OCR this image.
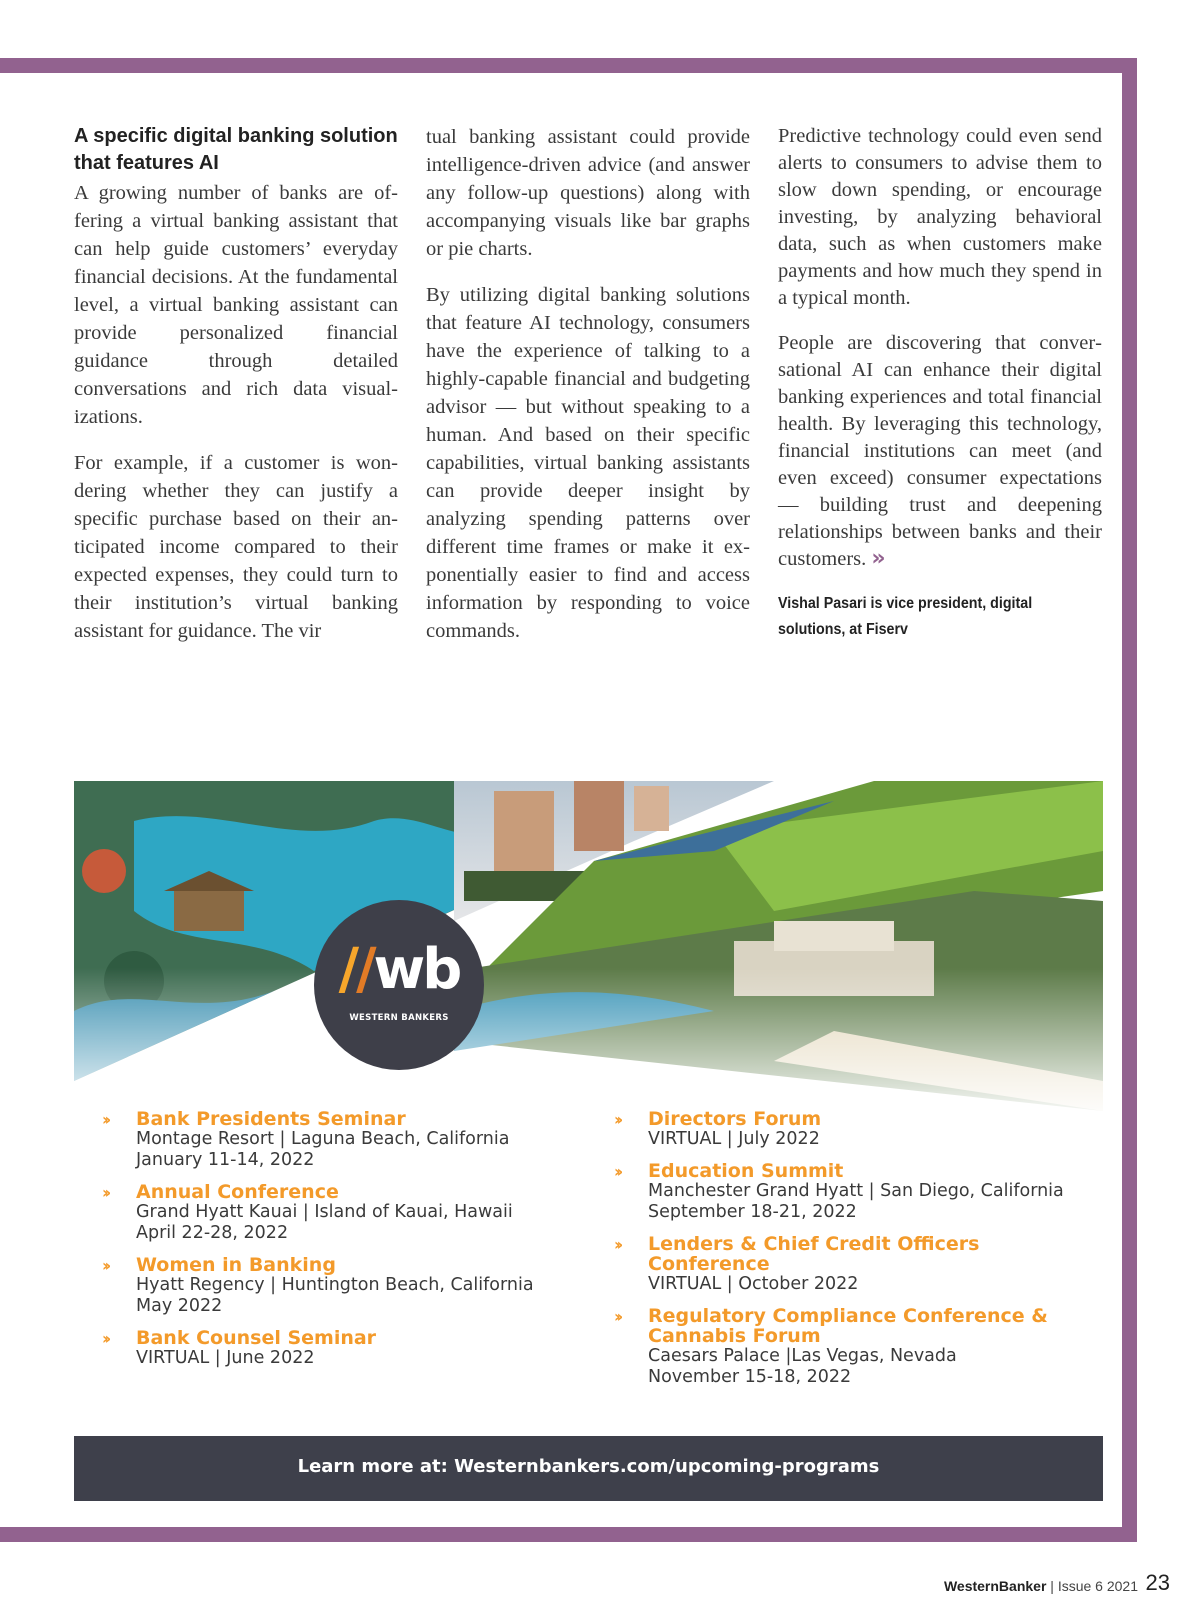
A specific digital banking solution that features AI

A growing number of banks are offering a virtual banking assistant that can help guide customers’ everyday financial decisions. At the fundamental level, a virtual banking assistant can provide personalized financial guidance through detailed conversations and rich data visualizations.

For example, if a customer is wondering whether they can justify a specific purchase based on their anticipated income compared to their expected expenses, they could turn to their institution’s virtual banking assistant for guidance. The vir

tual banking assistant could provide intelligence-driven advice (and answer any follow-up questions) along with accompanying visuals like bar graphs or pie charts.

By utilizing digital banking solutions that feature AI technology, consumers have the experience of talking to a highly-capable financial and budgeting advisor — but without speaking to a human. And based on their specific capabilities, virtual banking assistants can provide deeper insight by analyzing spending patterns over different time frames or make it exponentially easier to find and access information by responding to voice commands.

Predictive technology could even send alerts to consumers to advise them to slow down spending, or encourage investing, by analyzing behavioral data, such as when customers make payments and how much they spend in a typical month.

People are discovering that conversational AI can enhance their digital banking experiences and total financial health. By leveraging this technology, financial institutions can meet (and even exceed) consumer expectations — building trust and deepening relationships between banks and their customers. »

Vishal Pasari is vice president, digital solutions, at Fiserv
//wb
WESTERN BANKERS
›› Bank Presidents Seminar
Montage Resort | Laguna Beach, California
January 11-14, 2022
›› Annual Conference
Grand Hyatt Kauai | Island of Kauai, Hawaii
April 22-28, 2022
›› Women in Banking
Hyatt Regency | Huntington Beach, California
May 2022
›› Bank Counsel Seminar
VIRTUAL | June 2022
›› Directors Forum
VIRTUAL | July 2022
›› Education Summit
Manchester Grand Hyatt | San Diego, California
September 18-21, 2022
›› Lenders & Chief Credit Officers Conference
VIRTUAL | October 2022
›› Regulatory Compliance Conference & Cannabis Forum
Caesars Palace |Las Vegas, Nevada
November 15-18, 2022
Learn more at: Westernbankers.com/upcoming-programs
WesternBanker | Issue 6 2021 23
